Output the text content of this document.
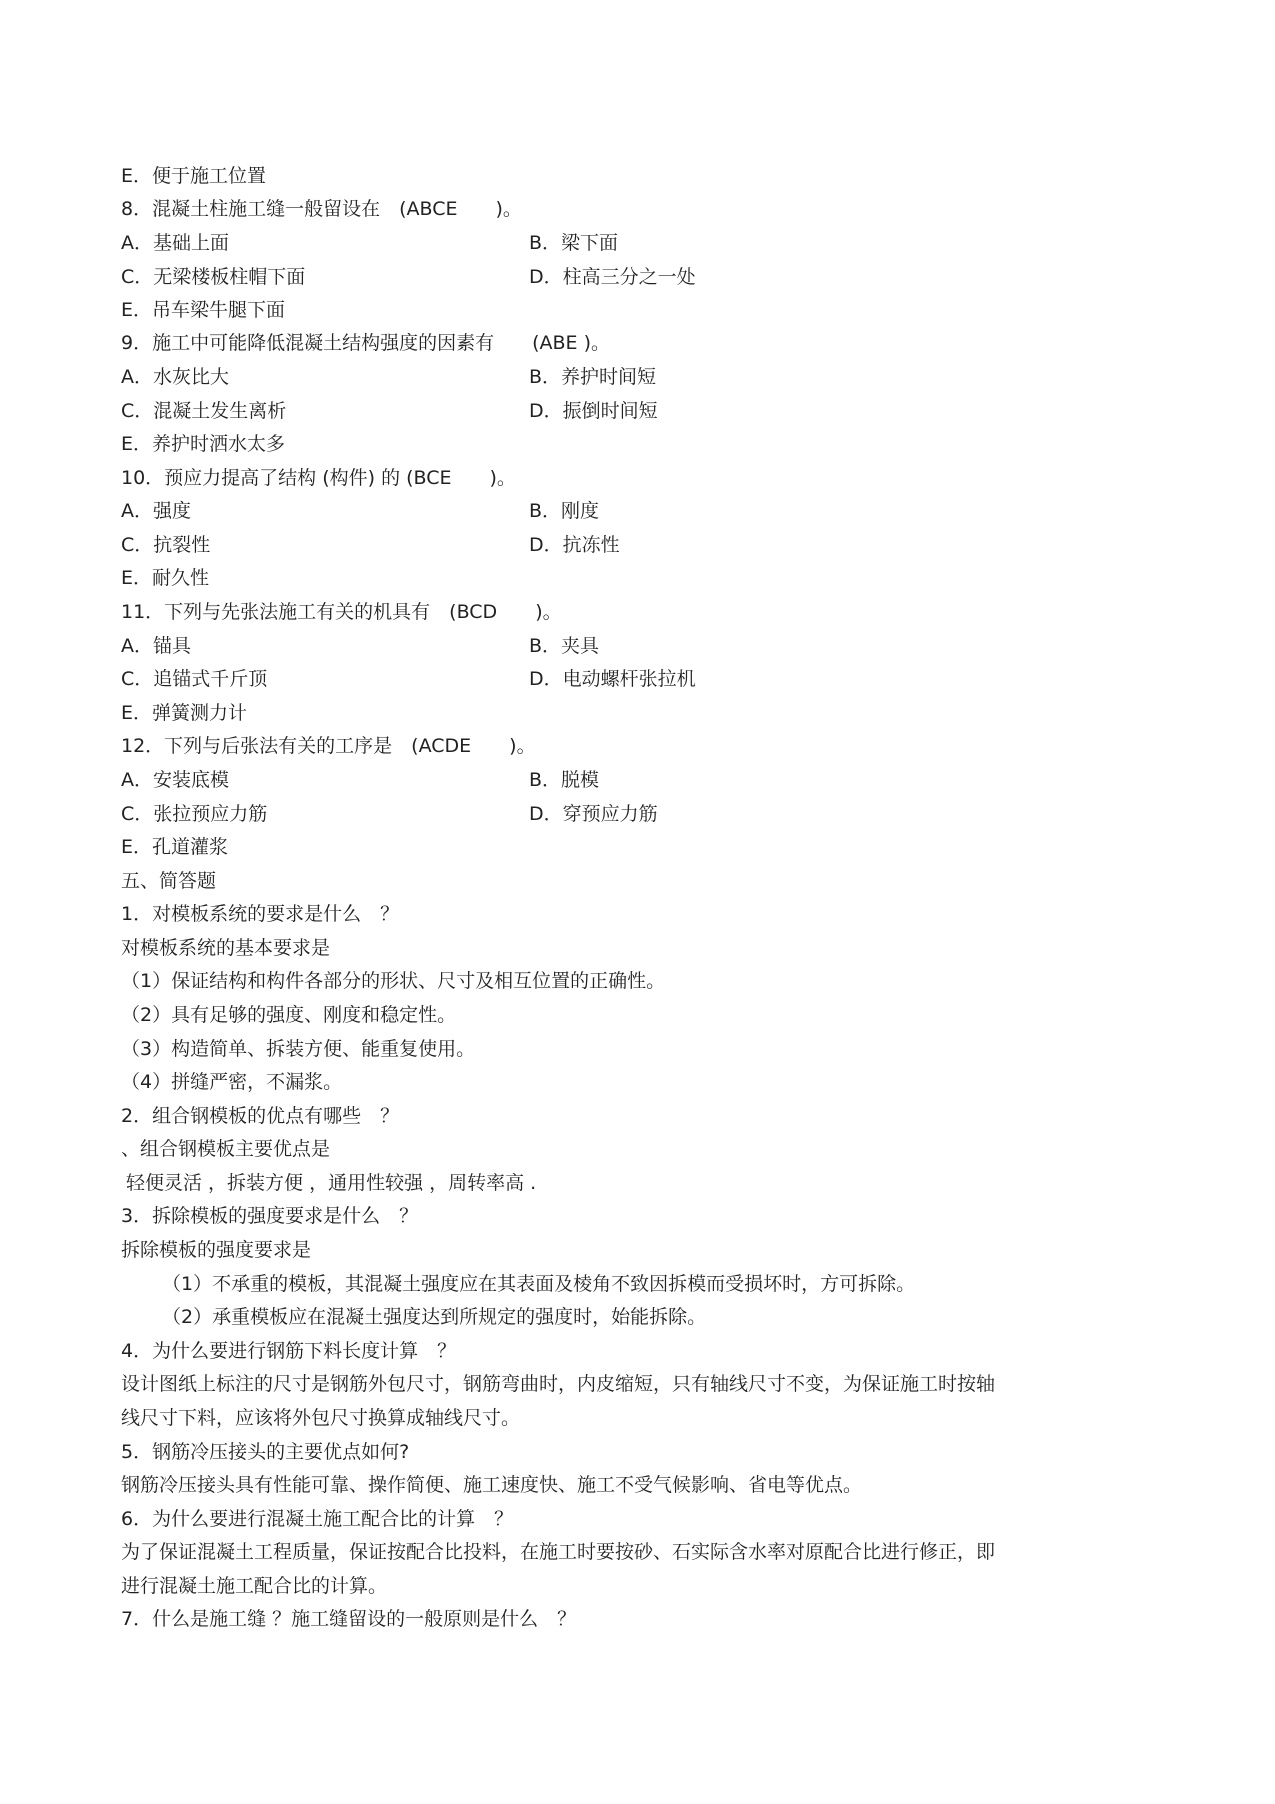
E．便于施工位置
8．混凝土柱施工缝一般留设在　(ABCE　　)。
A．基础上面	B．梁下面
C．无梁楼板柱帽下面	D．柱高三分之一处
E．吊车梁牛腿下面
9．施工中可能降低混凝土结构强度的因素有　　(ABE )。
A．水灰比大	B．养护时间短
C．混凝土发生离析	D．振倒时间短
E．养护时洒水太多
10．预应力提高了结构 (构件) 的 (BCE　　)。
A．强度	B．刚度
C．抗裂性	D．抗冻性
E．耐久性
11．下列与先张法施工有关的机具有　(BCD　　)。
A．锚具	B．夹具
C．追锚式千斤顶	D．电动螺杆张拉机
E．弹簧测力计
12．下列与后张法有关的工序是　(ACDE　　)。
A．安装底模	B．脱模
C．张拉预应力筋	D．穿预应力筋
E．孔道灌浆
五、简答题
1．对模板系统的要求是什么　？
对模板系统的基本要求是
（1）保证结构和构件各部分的形状、尺寸及相互位置的正确性。
（2）具有足够的强度、刚度和稳定性。
（3）构造简单、拆装方便、能重复使用。
（4）拼缝严密，不漏浆。
2．组合钢模板的优点有哪些　？
、组合钢模板主要优点是
轻便灵活 ，拆装方便 ，通用性较强 ，周转率高 .
3．拆除模板的强度要求是什么　？
拆除模板的强度要求是
（1）不承重的模板，其混凝土强度应在其表面及棱角不致因拆模而受损坏时，方可拆除。
（2）承重模板应在混凝土强度达到所规定的强度时，始能拆除。
4．为什么要进行钢筋下料长度计算　？
设计图纸上标注的尺寸是钢筋外包尺寸，钢筋弯曲时，内皮缩短，只有轴线尺寸不变，为保证施工时按轴
线尺寸下料，应该将外包尺寸换算成轴线尺寸。
5．钢筋冷压接头的主要优点如何?
钢筋冷压接头具有性能可靠、操作简便、施工速度快、施工不受气候影响、省电等优点。
6．为什么要进行混凝土施工配合比的计算　？
为了保证混凝土工程质量，保证按配合比投料，在施工时要按砂、石实际含水率对原配合比进行修正，即
进行混凝土施工配合比的计算。
7．什么是施工缝 ？施工缝留设的一般原则是什么　？
